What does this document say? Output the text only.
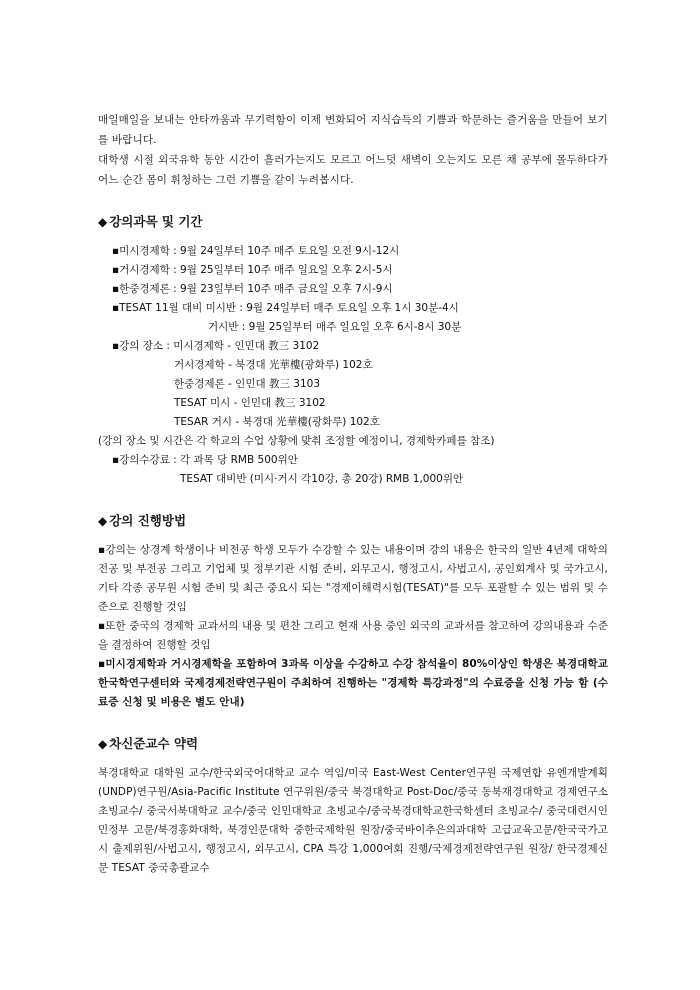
매일매일을 보내는 안타까움과 무기력함이 이제 변화되어 지식습득의 기쁨과 학문하는 즐거움을 만들어 보기를 바랍니다.

대학생 시절 외국유학 동안 시간이 흘러가는지도 모르고 어느덧 새벽이 오는지도 모른 채 공부에 몰두하다가 어느 순간 몸이 휘청하는 그런 기쁨을 같이 누려봅시다.

◆ 강의과목 및 기간
▪미시경제학 : 9월 24일부터 10주 매주 토요일 오전 9시-12시
▪거시경제학 : 9월 25일부터 10주 매주 일요일 오후 2시-5시
▪한중경제론 : 9월 23일부터 10주 매주 금요일 오후 7시-9시
▪TESAT 11월 대비 미시반 : 9월 24일부터 매주 토요일 오후 1시 30분-4시
거시반 : 9월 25일부터 매주 일요일 오후 6시-8시 30분
▪강의 장소 : 미시경제학 - 인민대 教三 3102
거시경제학 - 북경대 光華樓(광화루) 102호
한중경제론 - 인민대 教三 3103
TESAT 미시 - 인민대 教三 3102
TESAR 거시 - 북경대 光華樓(광화루) 102호
(강의 장소 및 시간은 각 학교의 수업 상황에 맞춰 조정할 예정이니, 경제학카페를 참조)
▪강의수강료 : 각 과목 당 RMB 500위안
TESAT 대비반 (미시·거시 각10강, 총 20강) RMB 1,000위안
◆ 강의 진행방법

▪강의는 상경계 학생이나 비전공 학생 모두가 수강할 수 있는 내용이며 강의 내용은 한국의 일반 4년제 대학의 전공 및 부전공 그리고 기업체 및 정부기관 시험 준비, 외무고시, 행정고시, 사법고시, 공인회계사 및 국가고시, 기타 각종 공무원 시험 준비 및 최근 중요시 되는 "경제이해력시험(TESAT)"를 모두 포괄할 수 있는 범위 및 수준으로 진행할 것임

▪또한 중국의 경제학 교과서의 내용 및 편찬 그리고 현재 사용 중인 외국의 교과서를 참고하여 강의내용과 수준을 결정하여 진행할 것임

▪미시경제학과 거시경제학을 포함하여 3과목 이상을 수강하고 수강 참석율이 80%이상인 학생은 북경대학교한국학연구센터와 국제경제전략연구원이 주최하여 진행하는 "경제학 특강과정"의 수료증을 신청 가능 함 (수료증 신청 및 비용은 별도 안내)

◆ 차신준교수 약력

북경대학교 대학원 교수/한국외국어대학교 교수 역임/미국 East-West Center연구원 국제연합 유엔개발계획(UNDP)연구원/Asia-Pacific Institute 연구위원/중국 북경대학교 Post-Doc/중국 동북재경대학교 경제연구소 초빙교수/ 중국서북대학교 교수/중국 인민대학교 초빙교수/중국북경대학교한국학센터 초빙교수/ 중국대련시인민정부 고문/북경홍화대학, 북경인문대학 중한국제학원 원장/중국바이추은의과대학 고급교육고문/한국국가고시 출제위원/사법고시, 행정고시, 외무고시, CPA 특강 1,000여회 진행/국제경제전략연구원 원장/ 한국경제신문 TESAT 중국총괄교수
